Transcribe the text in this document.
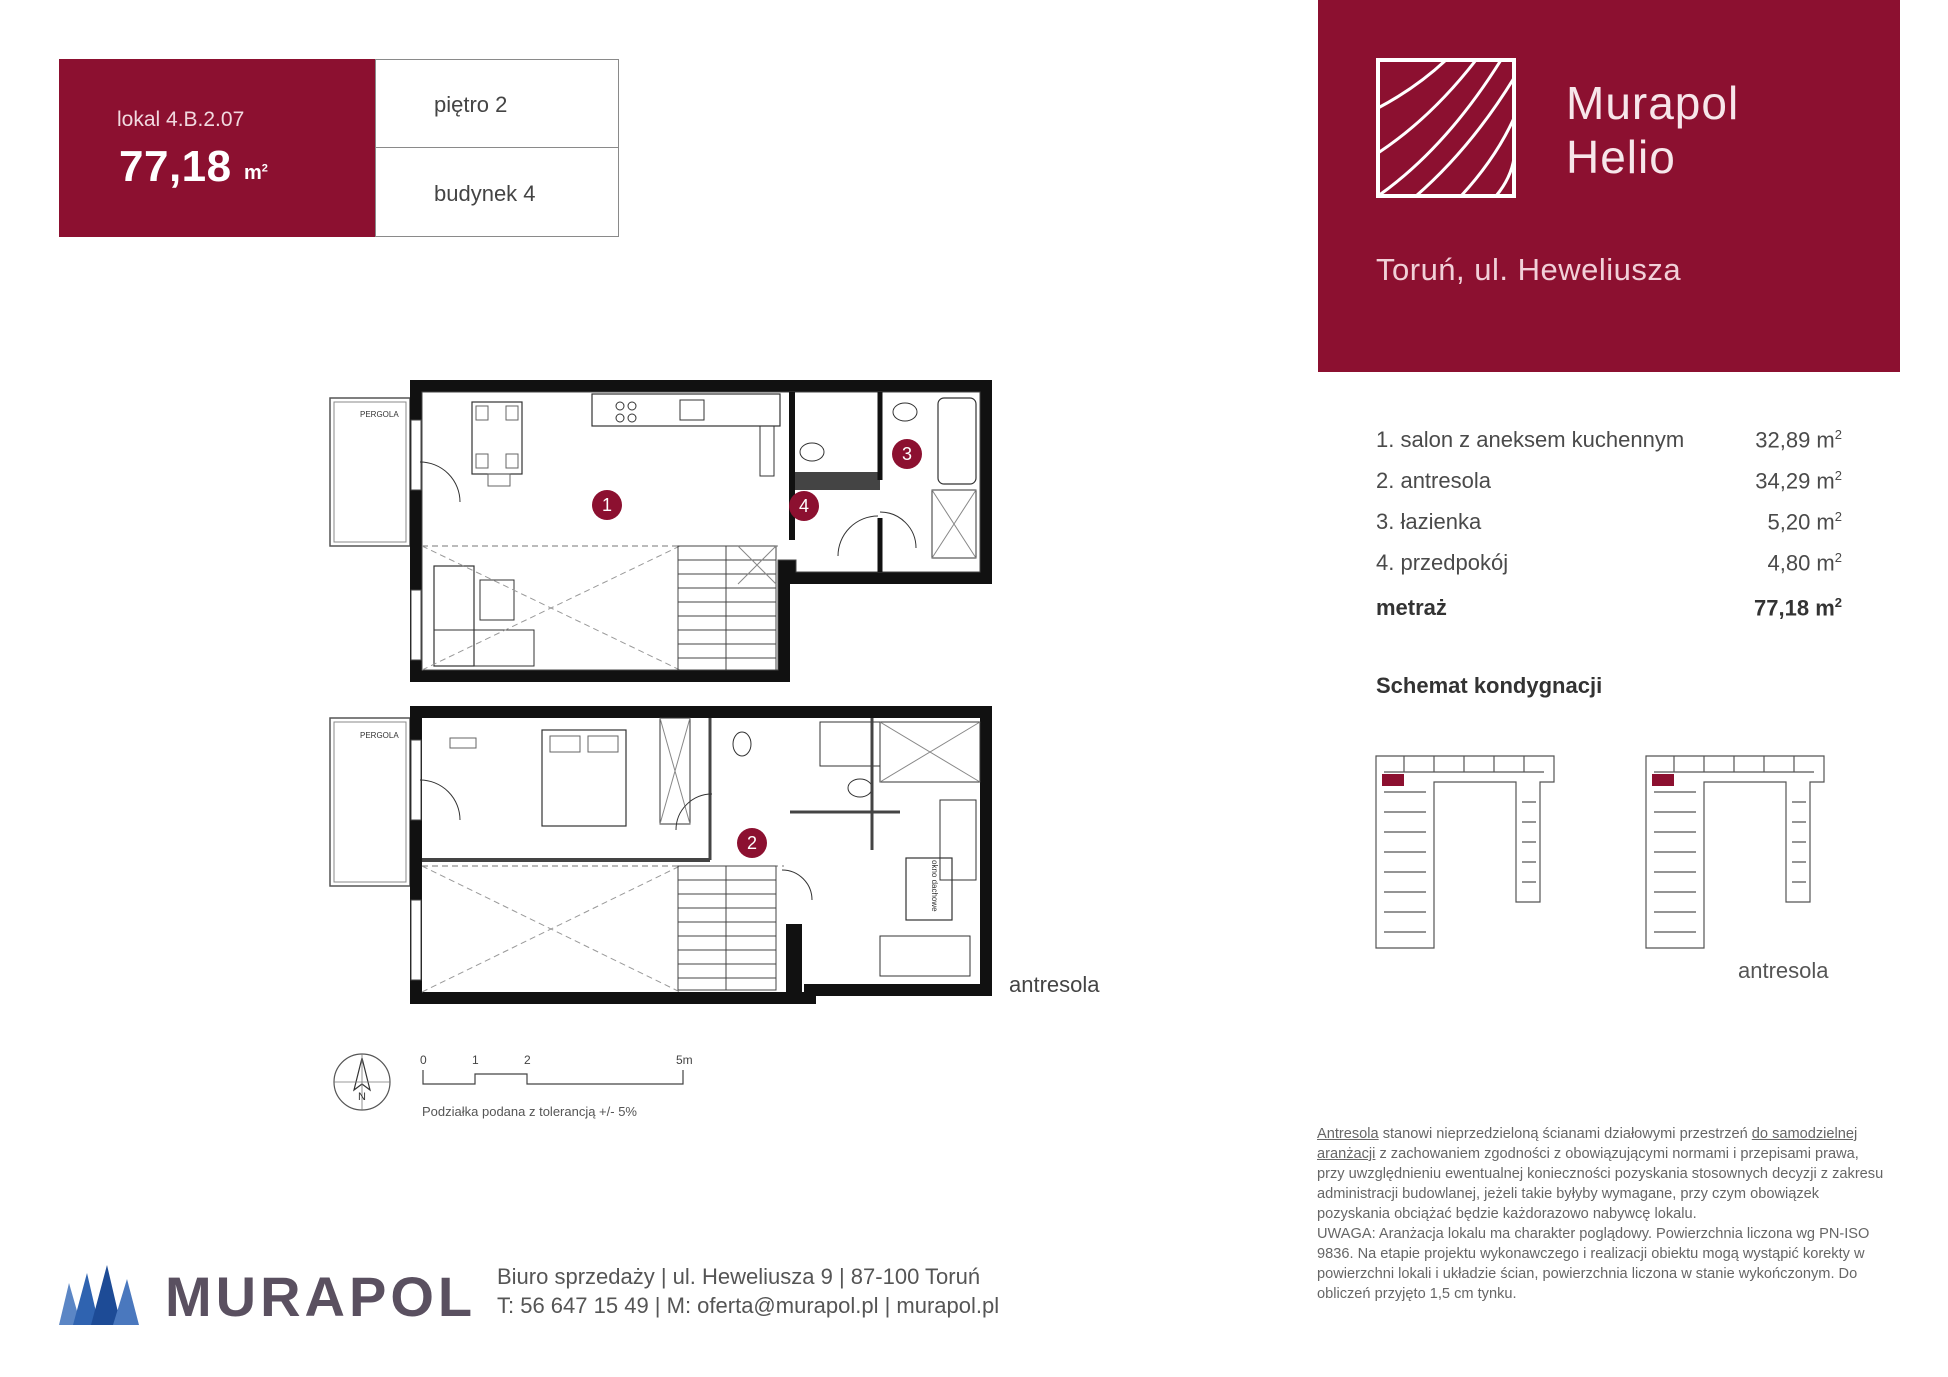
lokal 4.B.2.07
77,18 $m^2$
piętro 2
budynek 4
Murapol
Helio
Toruń, ul. Heweliusza
1. salon z aneksem kuchennym	32,89 $m^2$
2. antresola	34,29 $m^2$
3. łazienka	5,20 $m^2$
4. przedpokój	4,80 $m^2$
metraż	77,18 $m^2$
Schemat kondygnacji
antresola
PERGOLA
1	4
3
PERGOLA
okno dachowe
2
antresola
N
0	1	2	5m
Podziałka podana z tolerancją +/- 5%
Antresola stanowi nieprzedzieloną ścianami działowymi przestrzeń do samodzielnej aranżacji z zachowaniem zgodności z obowiązującymi normami i przepisami prawa, przy uwzględnieniu ewentualnej konieczności pozyskania stosownych decyzji z zakresu administracji budowlanej, jeżeli takie byłyby wymagane, przy czym obowiązek pozyskania obciążać będzie każdorazowo nabywcę lokalu.
UWAGA: Aranżacja lokalu ma charakter poglądowy. Powierzchnia liczona wg PN-ISO 9836. Na etapie projektu wykonawczego i realizacji obiektu mogą wystąpić korekty w powierzchni lokali i układzie ścian, powierzchnia liczona w stanie wykończonym. Do obliczeń przyjęto 1,5 cm tynku.
MURAPOL Biuro sprzedaży | ul. Heweliusza 9 | 87-100 Toruń
T: 56 647 15 49 | M: oferta@murapol.pl | murapol.pl
